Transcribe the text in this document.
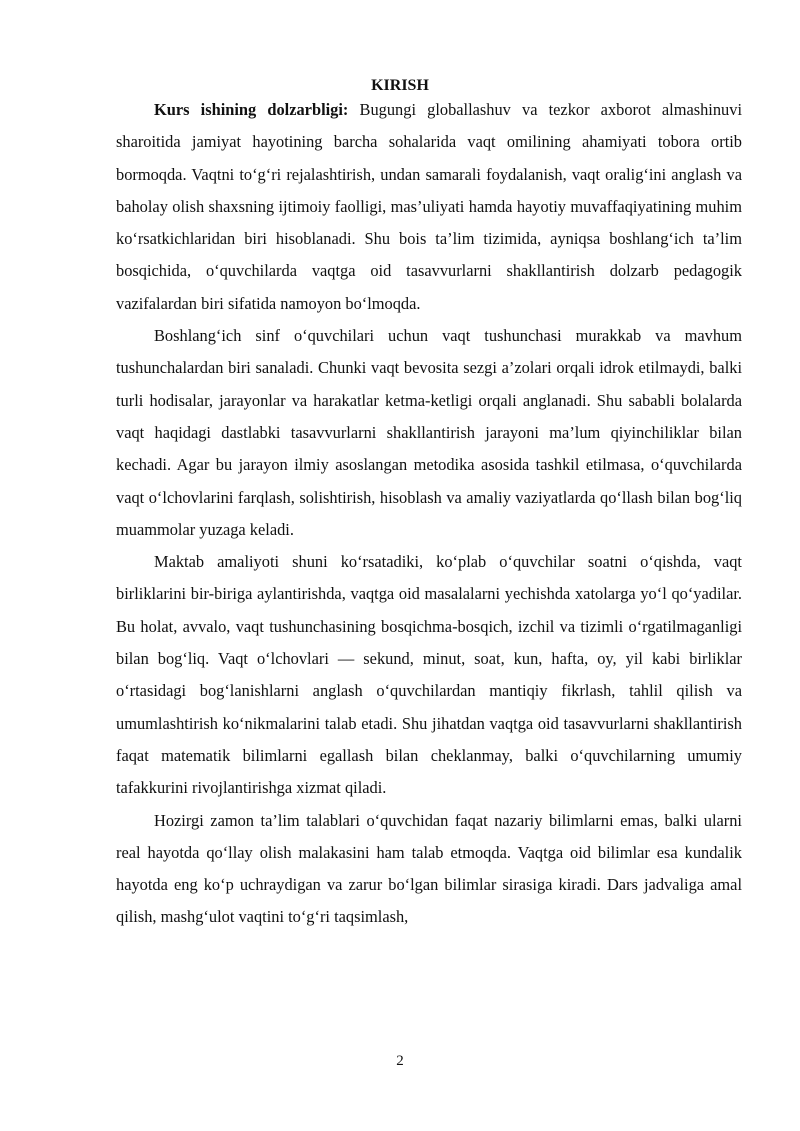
KIRISH

Kurs ishining dolzarbligi: Bugungi globallashuv va tezkor axborot almashinuvi sharoitida jamiyat hayotining barcha sohalarida vaqt omilining ahamiyati tobora ortib bormoqda. Vaqtni to‘g‘ri rejalashtirish, undan samarali foydalanish, vaqt oralig‘ini anglash va baholay olish shaxsning ijtimoiy faolligi, mas’uliyati hamda hayotiy muvaffaqiyatining muhim ko‘rsatkichlaridan biri hisoblanadi. Shu bois ta’lim tizimida, ayniqsa boshlang‘ich ta’lim bosqichida, o‘quvchilarda vaqtga oid tasavvurlarni shakllantirish dolzarb pedagogik vazifalardan biri sifatida namoyon bo‘lmoqda.

Boshlang‘ich sinf o‘quvchilari uchun vaqt tushunchasi murakkab va mavhum tushunchalardan biri sanaladi. Chunki vaqt bevosita sezgi a’zolari orqali idrok etilmaydi, balki turli hodisalar, jarayonlar va harakatlar ketma-ketligi orqali anglanadi. Shu sababli bolalarda vaqt haqidagi dastlabki tasavvurlarni shakllantirish jarayoni ma’lum qiyinchiliklar bilan kechadi. Agar bu jarayon ilmiy asoslangan metodika asosida tashkil etilmasa, o‘quvchilarda vaqt o‘lchovlarini farqlash, solishtirish, hisoblash va amaliy vaziyatlarda qo‘llash bilan bog‘liq muammolar yuzaga keladi.

Maktab amaliyoti shuni ko‘rsatadiki, ko‘plab o‘quvchilar soatni o‘qishda, vaqt birliklarini bir-biriga aylantirishda, vaqtga oid masalalarni yechishda xatolarga yo‘l qo‘yadilar. Bu holat, avvalo, vaqt tushunchasining bosqichma-bosqich, izchil va tizimli o‘rgatilmaganligi bilan bog‘liq. Vaqt o‘lchovlari — sekund, minut, soat, kun, hafta, oy, yil kabi birliklar o‘rtasidagi bog‘lanishlarni anglash o‘quvchilardan mantiqiy fikrlash, tahlil qilish va umumlashtirish ko‘nikmalarini talab etadi. Shu jihatdan vaqtga oid tasavvurlarni shakllantirish faqat matematik bilimlarni egallash bilan cheklanmay, balki o‘quvchilarning umumiy tafakkurini rivojlantirishga xizmat qiladi.

Hozirgi zamon ta’lim talablari o‘quvchidan faqat nazariy bilimlarni emas, balki ularni real hayotda qo‘llay olish malakasini ham talab etmoqda. Vaqtga oid bilimlar esa kundalik hayotda eng ko‘p uchraydigan va zarur bo‘lgan bilimlar sirasiga kiradi. Dars jadvaliga amal qilish, mashg‘ulot vaqtini to‘g‘ri taqsimlash,

2
